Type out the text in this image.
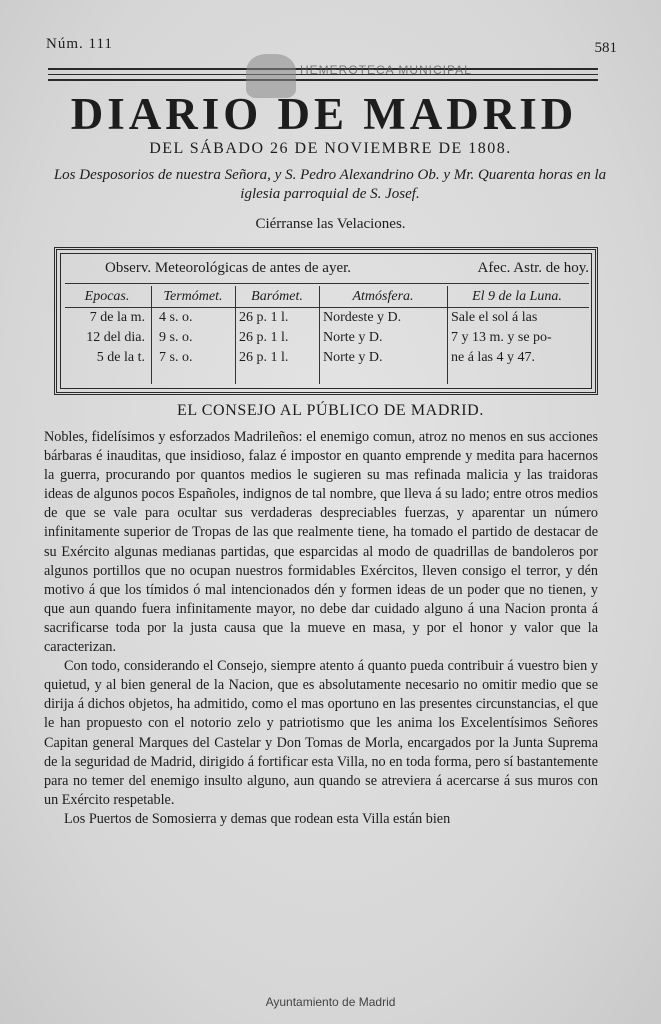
Núm. 111	581
HEMEROTECA MUNICIPAL
DIARIO DE MADRID
DEL SÁBADO 26 DE NOVIEMBRE DE 1808.
Los Desposorios de nuestra Señora, y S. Pedro Alexandrino Ob. y Mr. Quarenta horas en la iglesia parroquial de S. Josef.
Ciérranse las Velaciones.
Observ. Meteorológicas de antes de ayer.	Afec. Astr. de hoy.
Epocas.
7 de la m.
12 del dia.
5 de la t.
Termómet.
4 s. o.
9 s. o.
7 s. o.
Barómet.
26 p. 1 l.
26 p. 1 l.
26 p. 1 l.
Atmósfera.
Nordeste y D.
Norte y D.
Norte y D.
El 9 de la Luna.
Sale el sol á las
7 y 13 m. y se po-
ne á las 4 y 47.
EL CONSEJO AL PÚBLICO DE MADRID.

Nobles, fidelísimos y esforzados Madrileños: el enemigo comun, atroz no menos en sus acciones bárbaras é inauditas, que insidioso, falaz é impostor en quanto emprende y medita para hacernos la guerra, procurando por quantos medios le sugieren su mas refinada malicia y las traidoras ideas de algunos pocos Españoles, indignos de tal nombre, que lleva á su lado; entre otros medios de que se vale para ocultar sus verdaderas despreciables fuerzas, y aparentar un número infinitamente superior de Tropas de las que realmente tiene, ha tomado el partido de destacar de su Exército algunas medianas partidas, que esparcidas al modo de quadrillas de bandoleros por algunos portillos que no ocupan nuestros formidables Exércitos, lleven consigo el terror, y dén motivo á que los tímidos ó mal intencionados dén y formen ideas de un poder que no tienen, y que aun quando fuera infinitamente mayor, no debe dar cuidado alguno á una Nacion pronta á sacrificarse toda por la justa causa que la mueve en masa, y por el honor y valor que la caracterizan.

Con todo, considerando el Consejo, siempre atento á quanto pueda contribuir á vuestro bien y quietud, y al bien general de la Nacion, que es absolutamente necesario no omitir medio que se dirija á dichos objetos, ha admitido, como el mas oportuno en las presentes circunstancias, el que le han propuesto con el notorio zelo y patriotismo que les anima los Excelentísimos Señores Capitan general Marques del Castelar y Don Tomas de Morla, encargados por la Junta Suprema de la seguridad de Madrid, dirigido á fortificar esta Villa, no en toda forma, pero sí bastantemente para no temer del enemigo insulto alguno, aun quando se atreviera á acercarse á sus muros con un Exército respetable.

Los Puertos de Somosierra y demas que rodean esta Villa están bien

Ayuntamiento de Madrid
